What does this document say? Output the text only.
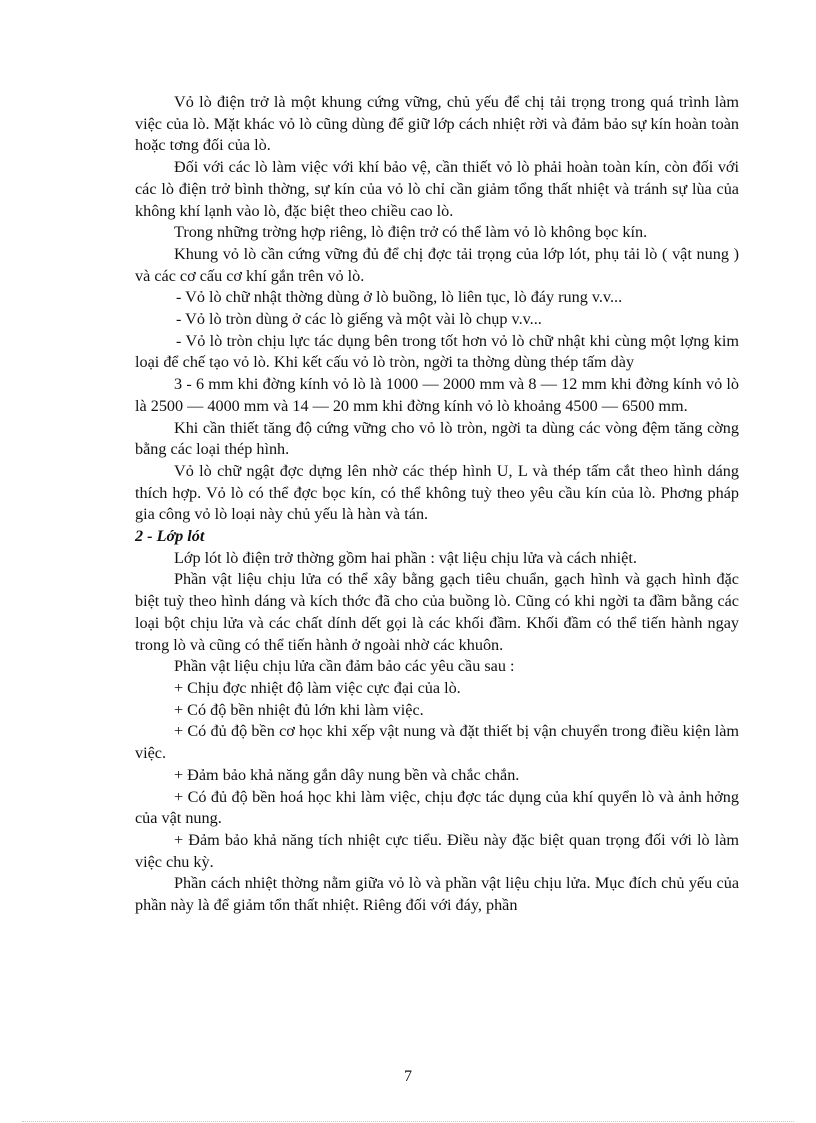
Vỏ lò điện trở là một khung cứng vững, chủ yếu để chị tải trọng trong quá trình làm việc của lò. Mặt khác vỏ lò cũng dùng để giữ lớp cách nhiệt rời và đảm bảo sự kín hoàn toàn hoặc tơng đối của lò.

Đối với các lò làm việc với khí bảo vệ, cần thiết vỏ lò phải hoàn toàn kín, còn đối với các lò điện trở bình thờng, sự kín của vỏ lò chỉ cần giảm tổng thất nhiệt và tránh sự lùa của không khí lạnh vào lò, đặc biệt theo chiều cao lò.

Trong những trờng hợp riêng, lò điện trở có thể làm vỏ lò không bọc kín.

Khung vỏ lò cần cứng vững đủ để chị đợc tải trọng của lớp lót, phụ tải lò ( vật nung ) và các cơ cấu cơ khí gắn trên vỏ lò.

- Vỏ lò chữ nhật thờng dùng ở lò buồng, lò liên tục, lò đáy rung v.v...

- Vỏ lò tròn dùng ở các lò giếng và một vài lò chụp v.v...

- Vỏ lò tròn chịu lực tác dụng bên trong tốt hơn vỏ lò chữ nhật khi cùng một lợng kim loại để chế tạo vỏ lò. Khi kết cấu vỏ lò tròn, ngời ta thờng dùng thép tấm dày

3 - 6 mm khi đờng kính vỏ lò là 1000 — 2000 mm và 8 — 12 mm khi đờng kính vỏ lò là 2500 — 4000 mm và 14 — 20 mm khi đờng kính vỏ lò khoảng 4500 — 6500 mm.

Khi cần thiết tăng độ cứng vững cho vỏ lò tròn, ngời ta dùng các vòng đệm tăng cờng bằng các loại thép hình.

Vỏ lò chữ ngật đợc dựng lên nhờ các thép hình U, L và thép tấm cắt theo hình dáng thích hợp. Vỏ lò có thể đợc bọc kín, có thể không tuỳ theo yêu cầu kín của lò. Phơng pháp gia công vỏ lò loại này chủ yếu là hàn và tán.

2 - Lớp lót

Lớp lót lò điện trở thờng gồm hai phần : vật liệu chịu lửa và cách nhiệt.

Phần vật liệu chịu lửa có thể xây bằng gạch tiêu chuẩn, gạch hình và gạch hình đặc biệt tuỳ theo hình dáng và kích thớc đã cho của buồng lò. Cũng có khi ngời ta đầm bằng các loại bột chịu lửa và các chất dính dết gọi là các khối đầm. Khối đầm có thể tiến hành ngay trong lò và cũng có thể tiến hành ở ngoài nhờ các khuôn.

Phần vật liệu chịu lửa cần đảm bảo các yêu cầu sau :

+ Chịu đợc nhiệt độ làm việc cực đại của lò.

+ Có độ bền nhiệt đủ lớn khi làm việc.

+ Có đủ độ bền cơ học khi xếp vật nung và đặt thiết bị vận chuyển trong điều kiện làm việc.

+ Đảm bảo khả năng gắn dây nung bền và chắc chắn.

+ Có đủ độ bền hoá học khi làm việc, chịu đợc tác dụng của khí quyển lò và ảnh hởng của vật nung.

+ Đảm bảo khả năng tích nhiệt cực tiểu. Điều này đặc biệt quan trọng đối với lò làm việc chu kỳ.

Phần cách nhiệt thờng nằm giữa vỏ lò và phần vật liệu chịu lửa. Mục đích chủ yếu của phần này là để giảm tổn thất nhiệt. Riêng đối với đáy, phần

7
